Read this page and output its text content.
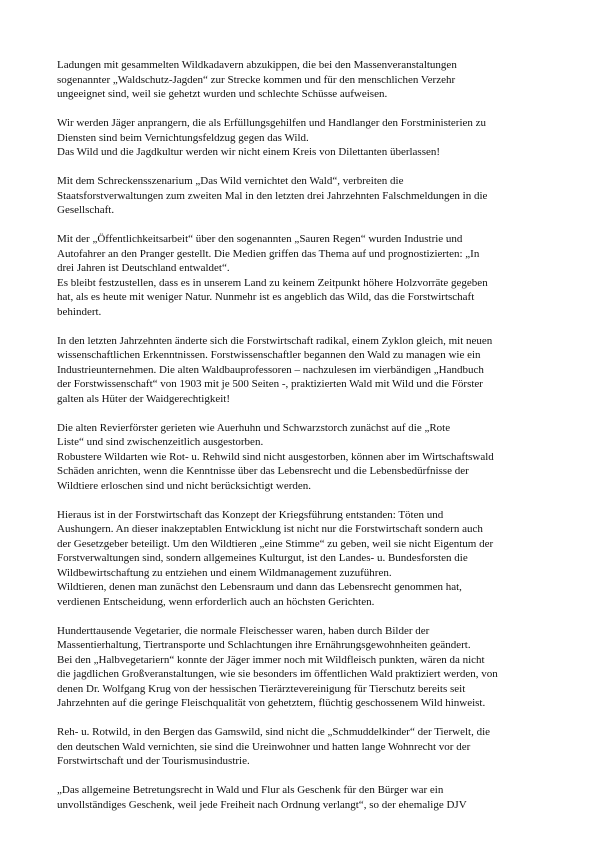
Ladungen mit gesammelten Wildkadavern abzukippen, die bei den Massenveranstaltungen
sogenannter „Waldschutz-Jagden“ zur Strecke kommen und für den menschlichen Verzehr
ungeeignet sind, weil sie gehetzt wurden und schlechte Schüsse aufweisen.

Wir werden Jäger anprangern, die als Erfüllungsgehilfen und Handlanger den Forstministerien zu
Diensten sind beim Vernichtungsfeldzug gegen das Wild.
Das Wild und die Jagdkultur werden wir nicht einem Kreis von Dilettanten überlassen!

Mit dem Schreckensszenarium „Das Wild vernichtet den Wald“, verbreiten die
Staatsforstverwaltungen zum zweiten Mal in den letzten drei Jahrzehnten Falschmeldungen in die
Gesellschaft.

Mit der „Öffentlichkeitsarbeit“ über den sogenannten „Sauren Regen“ wurden Industrie und
Autofahrer an den Pranger gestellt. Die Medien griffen das Thema auf und prognostizierten: „In
drei Jahren ist Deutschland entwaldet“.
Es bleibt festzustellen, dass es in unserem Land zu keinem Zeitpunkt höhere Holzvorräte gegeben
hat, als es heute mit weniger Natur. Nunmehr ist es angeblich das Wild, das die Forstwirtschaft
behindert.

In den letzten Jahrzehnten änderte sich die Forstwirtschaft radikal, einem Zyklon gleich, mit neuen
wissenschaftlichen Erkenntnissen. Forstwissenschaftler begannen den Wald zu managen wie ein
Industrieunternehmen. Die alten Waldbauprofessoren – nachzulesen im vierbändigen „Handbuch
der Forstwissenschaft“ von 1903 mit je 500 Seiten -, praktizierten Wald mit Wild und die Förster
galten als Hüter der Waidgerechtigkeit!

Die alten Revierförster gerieten wie Auerhuhn und Schwarzstorch zunächst auf die „Rote
Liste“ und sind zwischenzeitlich ausgestorben.
Robustere Wildarten wie Rot- u. Rehwild sind nicht ausgestorben, können aber im Wirtschaftswald
Schäden anrichten, wenn die Kenntnisse über das Lebensrecht und die Lebensbedürfnisse der
Wildtiere erloschen sind und nicht berücksichtigt werden.

Hieraus ist in der Forstwirtschaft das Konzept der Kriegsführung entstanden: Töten und
Aushungern. An dieser inakzeptablen Entwicklung ist nicht nur die Forstwirtschaft sondern auch
der Gesetzgeber beteiligt. Um den Wildtieren „eine Stimme“ zu geben, weil sie nicht Eigentum der
Forstverwaltungen sind, sondern allgemeines Kulturgut, ist den Landes- u. Bundesforsten die
Wildbewirtschaftung zu entziehen und einem Wildmanagement zuzuführen.
Wildtieren, denen man zunächst den Lebensraum und dann das Lebensrecht genommen hat,
verdienen Entscheidung, wenn erforderlich auch an höchsten Gerichten.

Hunderttausende Vegetarier, die normale Fleischesser waren, haben durch Bilder der
Massentierhaltung, Tiertransporte und Schlachtungen ihre Ernährungsgewohnheiten geändert.
Bei den „Halbvegetariern“ konnte der Jäger immer noch mit Wildfleisch punkten, wären da nicht
die jagdlichen Großveranstaltungen, wie sie besonders im öffentlichen Wald praktiziert werden, von
denen Dr. Wolfgang Krug von der hessischen Tierärztevereinigung für Tierschutz bereits seit
Jahrzehnten auf die geringe Fleischqualität von gehetztem, flüchtig geschossenem Wild hinweist.

Reh- u. Rotwild, in den Bergen das Gamswild, sind nicht die „Schmuddelkinder“ der Tierwelt, die
den deutschen Wald vernichten, sie sind die Ureinwohner und hatten lange Wohnrecht vor der
Forstwirtschaft und der Tourismusindustrie.

„Das allgemeine Betretungsrecht in Wald und Flur als Geschenk für den Bürger war ein
unvollständiges Geschenk, weil jede Freiheit nach Ordnung verlangt“, so der ehemalige DJV
